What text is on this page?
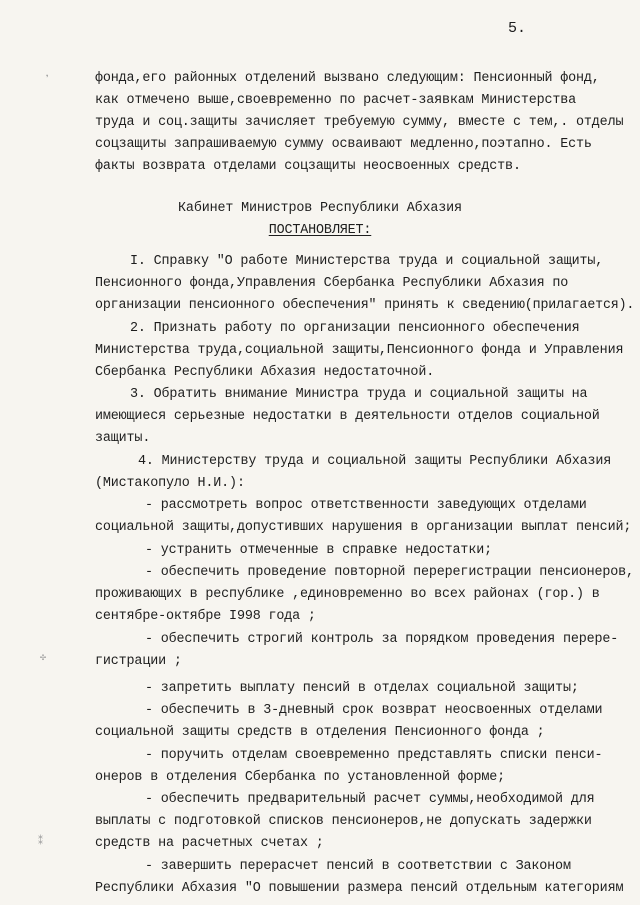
5.
❜
✣
⁑
фонда,его районных отделений вызвано следующим: Пенсионный фонд,
как отмечено выше,своевременно по расчет-заявкам Министерства
труда и соц.защиты зачисляет требуемую сумму, вместе с тем,. отделы
соцзащиты запрашиваемую сумму осваивают медленно,поэтапно. Есть
факты возврата отделами соцзащиты неосвоенных средств.
Кабинет Министров Республики Абхазия
ПОСТАНОВЛЯЕТ:
I. Справку "О работе Министерства труда и социальной защиты,
Пенсионного фонда,Управления Сбербанка Республики Абхазия по
организации пенсионного обеспечения" принять к сведению(прилагается).
2. Признать работу по организации пенсионного обеспечения
Министерства труда,социальной защиты,Пенсионного фонда и Управления
Сбербанка Республики Абхазия недостаточной.
3. Обратить внимание Министра труда и социальной защиты на
имеющиеся серьезные недостатки в деятельности отделов социальной
защиты.
4. Министерству труда и социальной защиты Республики Абхазия
(Мистакопуло Н.И.):
- рассмотреть вопрос ответственности заведующих отделами
социальной защиты,допустивших нарушения в организации выплат пенсий;
- устранить отмеченные в справке недостатки;
- обеспечить проведение повторной перерегистрации пенсионеров,
проживающих в республике ,единовременно во всех районах (гор.) в
сентябре-октябре I998 года ;
- обеспечить строгий контроль за порядком проведения перере-
гистрации ;
- запретить выплату пенсий в отделах социальной защиты;
- обеспечить в 3-дневный срок возврат неосвоенных отделами
социальной защиты средств в отделения Пенсионного фонда ;
- поручить отделам своевременно представлять списки пенси-
онеров в отделения Сбербанка по установленной форме;
- обеспечить предварительный расчет суммы,необходимой для
выплаты с подготовкой списков пенсионеров,не допускать задержки
средств на расчетных счетах ;
- завершить перерасчет пенсий в соответствии с Законом
Республики Абхазия "О повышении размера пенсий отдельным категориям
